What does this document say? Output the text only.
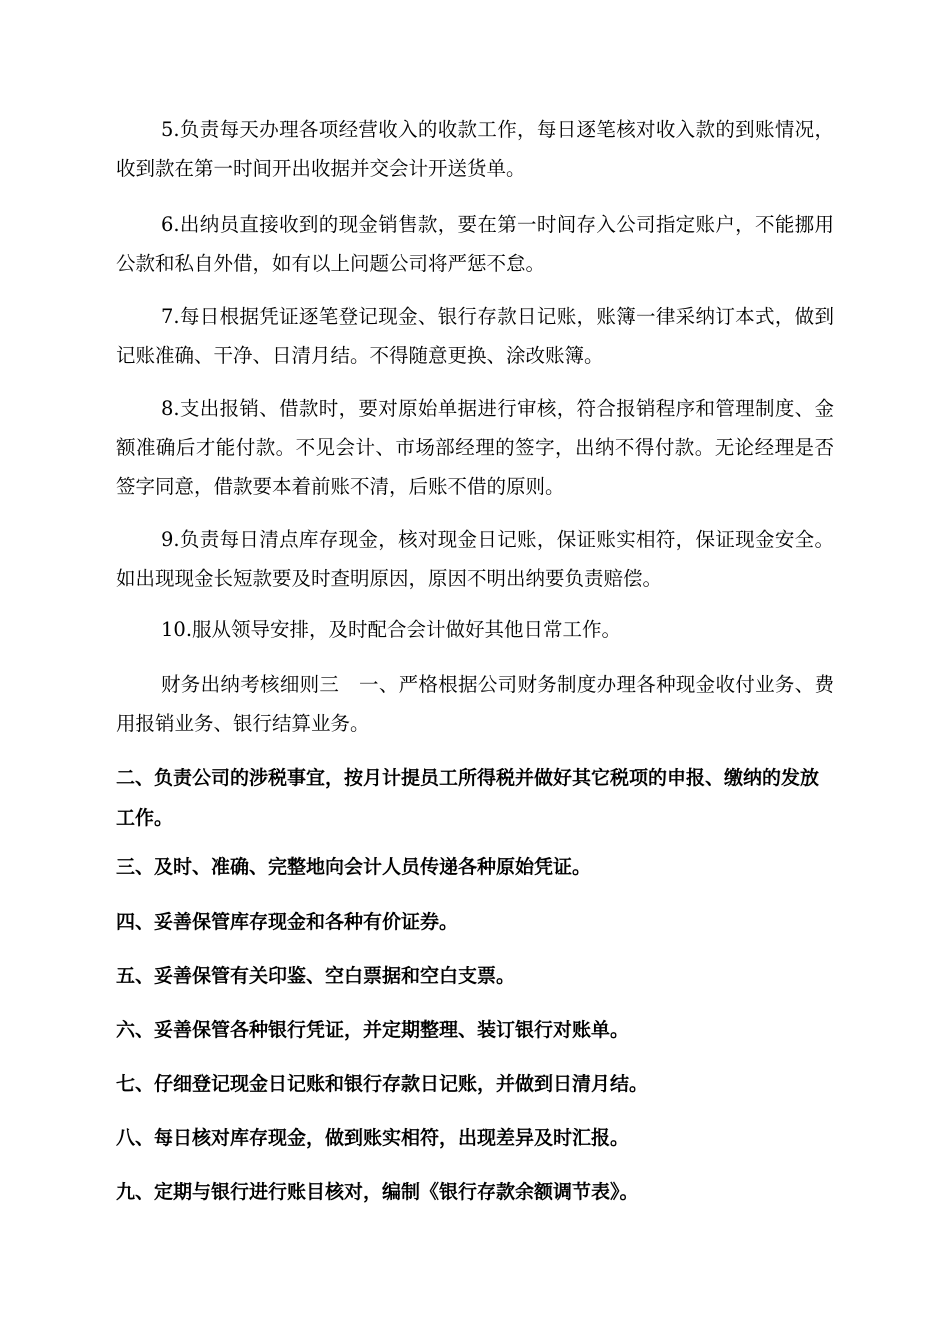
5.负责每天办理各项经营收入的收款工作，每日逐笔核对收入款的到账情况，收到款在第一时间开出收据并交会计开送货单。

6.出纳员直接收到的现金销售款，要在第一时间存入公司指定账户，不能挪用公款和私自外借，如有以上问题公司将严惩不怠。

7.每日根据凭证逐笔登记现金、银行存款日记账，账簿一律采纳订本式，做到记账准确、干净、日清月结。不得随意更换、涂改账簿。

8.支出报销、借款时，要对原始单据进行审核，符合报销程序和管理制度、金额准确后才能付款。不见会计、市场部经理的签字，出纳不得付款。无论经理是否签字同意，借款要本着前账不清，后账不借的原则。

9.负责每日清点库存现金，核对现金日记账，保证账实相符，保证现金安全。如出现现金长短款要及时查明原因，原因不明出纳要负责赔偿。

10.服从领导安排，及时配合会计做好其他日常工作。

财务出纳考核细则三　一、严格根据公司财务制度办理各种现金收付业务、费用报销业务、银行结算业务。

二、负责公司的涉税事宜，按月计提员工所得税并做好其它税项的申报、缴纳的发放工作。

三、及时、准确、完整地向会计人员传递各种原始凭证。

四、妥善保管库存现金和各种有价证券。

五、妥善保管有关印鉴、空白票据和空白支票。

六、妥善保管各种银行凭证，并定期整理、装订银行对账单。

七、仔细登记现金日记账和银行存款日记账，并做到日清月结。

八、每日核对库存现金，做到账实相符，出现差异及时汇报。

九、定期与银行进行账目核对，编制《银行存款余额调节表》。
